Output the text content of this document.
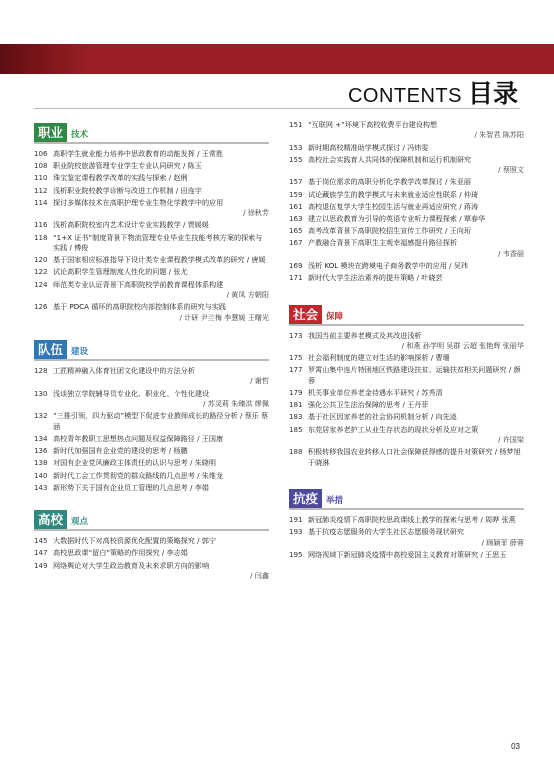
CONTENTS 目录
职业 技术
106 高职学生就业能力培养中思政教育的动能发挥 / 王常胜
108 职业院校旅游管理专业学生专业认同研究 / 陈玉
110 珠宝鉴定课程教学改革的实践与探索 / 赵俐
112 浅析职业院校教学诊断与改进工作机制 / 田连宇
114 探讨多媒体技术在高职护理专业生物化学教学中的应用
/ 徐秋芳
116 浅析高职院校室内艺术设计专业实践教学 / 贾媛媛
118 “1+X 证书”制度背景下物流管理专业毕业生技能考核方案的探索与实践 / 傅俊
120 基于国家相应标准指导下设计类专业课程教学模式改革的研究 / 唐媛
122 试论高职学生管理制度人性化的问题 / 张尤
124 师范类专业认证背景下高职院校学前教育课程体系构建
/ 黄凤 方朝阳
126 基于 PDCA 循环的高职院校内部控制体系的研究与实践
/ 计研 尹兰梅 李慧媛 王曙光
队伍 建设
128 工匠精神融入体育社团文化建设中的方法分析
/ 谢哲
130 浅谈独立学院辅导员专业化、职业化、个性化建设
/ 苏灵莉 朱臻洪 缪佩
132 “三推引领，四力驱动”模型下促进专业教师成长的路径分析 / 蔡乐 蔡涵
134 高校青年教职工思想热点问题及权益保障路径 / 王国康
136 新时代加强国有企业党的建设的思考 / 杨鹏
138 对国有企业党风廉政主体责任的认识与思考 / 朱晓明
140 新时代工会工作贯彻党的群众路线的几点思考 / 朱维龙
143 新形势下关于国有企业员工管理的几点思考 / 李娟
高校 观点
145 大数据时代下对高校资源优化配置的策略探究 / 郭宁
147 高校思政课“留白”策略的作用探究 / 李志娟
149 网络舆论对大学生政治教育及未来求职方向的影响
/ 闫鑫
151 “互联网 +”环境下高校收费平台建设构想
/ 朱智君 陈苏阳
153 新时期高校精准助学模式探讨 / 冯炜雯
155 高校社会实践育人共同体的保障机制和运行机制研究
/ 蔡照文
157 基于岗位需求的高职分析化学教学改革探讨 / 朱亚丽
159 试论藏族学生的教学模式与未来就业适应性联系 / 仲琦
161 高校退伍复学大学生校园生活与就业再适应研究 / 蒋涛
163 建立以思政教育为引导的英语专业听力课程探索 / 覃春华
165 高考改革背景下高职院校招生宣传工作研究 / 王向珩
167 产教融合背景下高职生主观幸福感提升路径探析
/ 韦香丽
169 浅析 KOL 模块在跨境电子商务教学中的应用 / 吴玮
171 新时代大学生法治素养的提升策略 / 叶晓芸
社会 保障
173 我国当前主要养老模式及其改进浅析
/ 和燕 孙学明 吴群 云超 张艳辉 张丽华
175 社会福利制度的建立对生活的影响探析 / 曹珊
177 罗霄山集中连片特困地区铁路建设扶贫、运输扶贫相关问题研究 / 颜蓉
179 机关事业单位养老金待遇水平研究 / 苏秀清
181 强化公共卫生法治保障的思考 / 王丹菲
183 基于社区因家养老的社会协同机制分析 / 向先逵
185 东莞居家养老护工从业生存状态的现状分析及应对之策
/ 许国梁
188 积极转移我国农业转移人口社会保障获得感的提升对策研究 / 杨梦旭 于晓淋
抗疫 举措
191 新冠肺炎疫情下高职院校思政课线上教学的探索与思考 / 周晔 张燕
193 基于抗疫志愿服务的大学生社区志愿服务现状研究
/ 顾颖菲 薛蓉
195 网络视域下新冠肺炎疫情中高校爱国主义教育对策研究 / 王思玉
03
